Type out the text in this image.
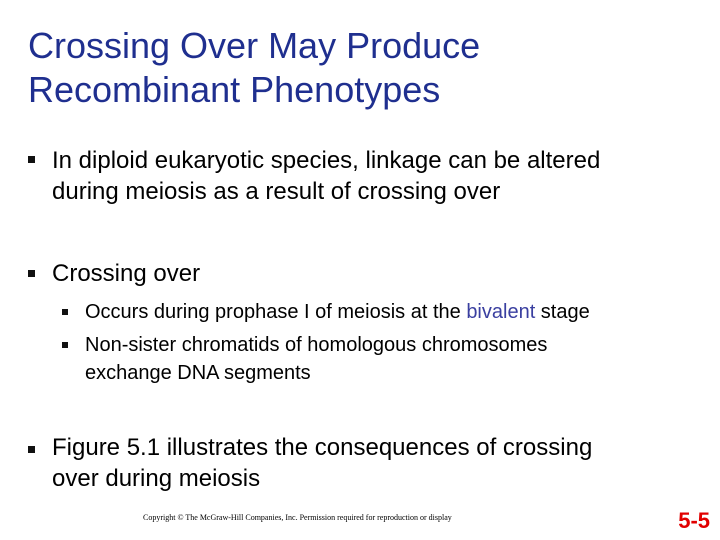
Crossing Over May Produce
Recombinant Phenotypes
In diploid eukaryotic species, linkage can be altered
during meiosis as a result of crossing over
Crossing over
Occurs during prophase I of meiosis at the bivalent stage
Non-sister chromatids of homologous chromosomes
exchange DNA segments
Figure 5.1 illustrates the consequences of crossing
over during meiosis
Copyright © The McGraw-Hill Companies, Inc. Permission required for reproduction or display	5-5
